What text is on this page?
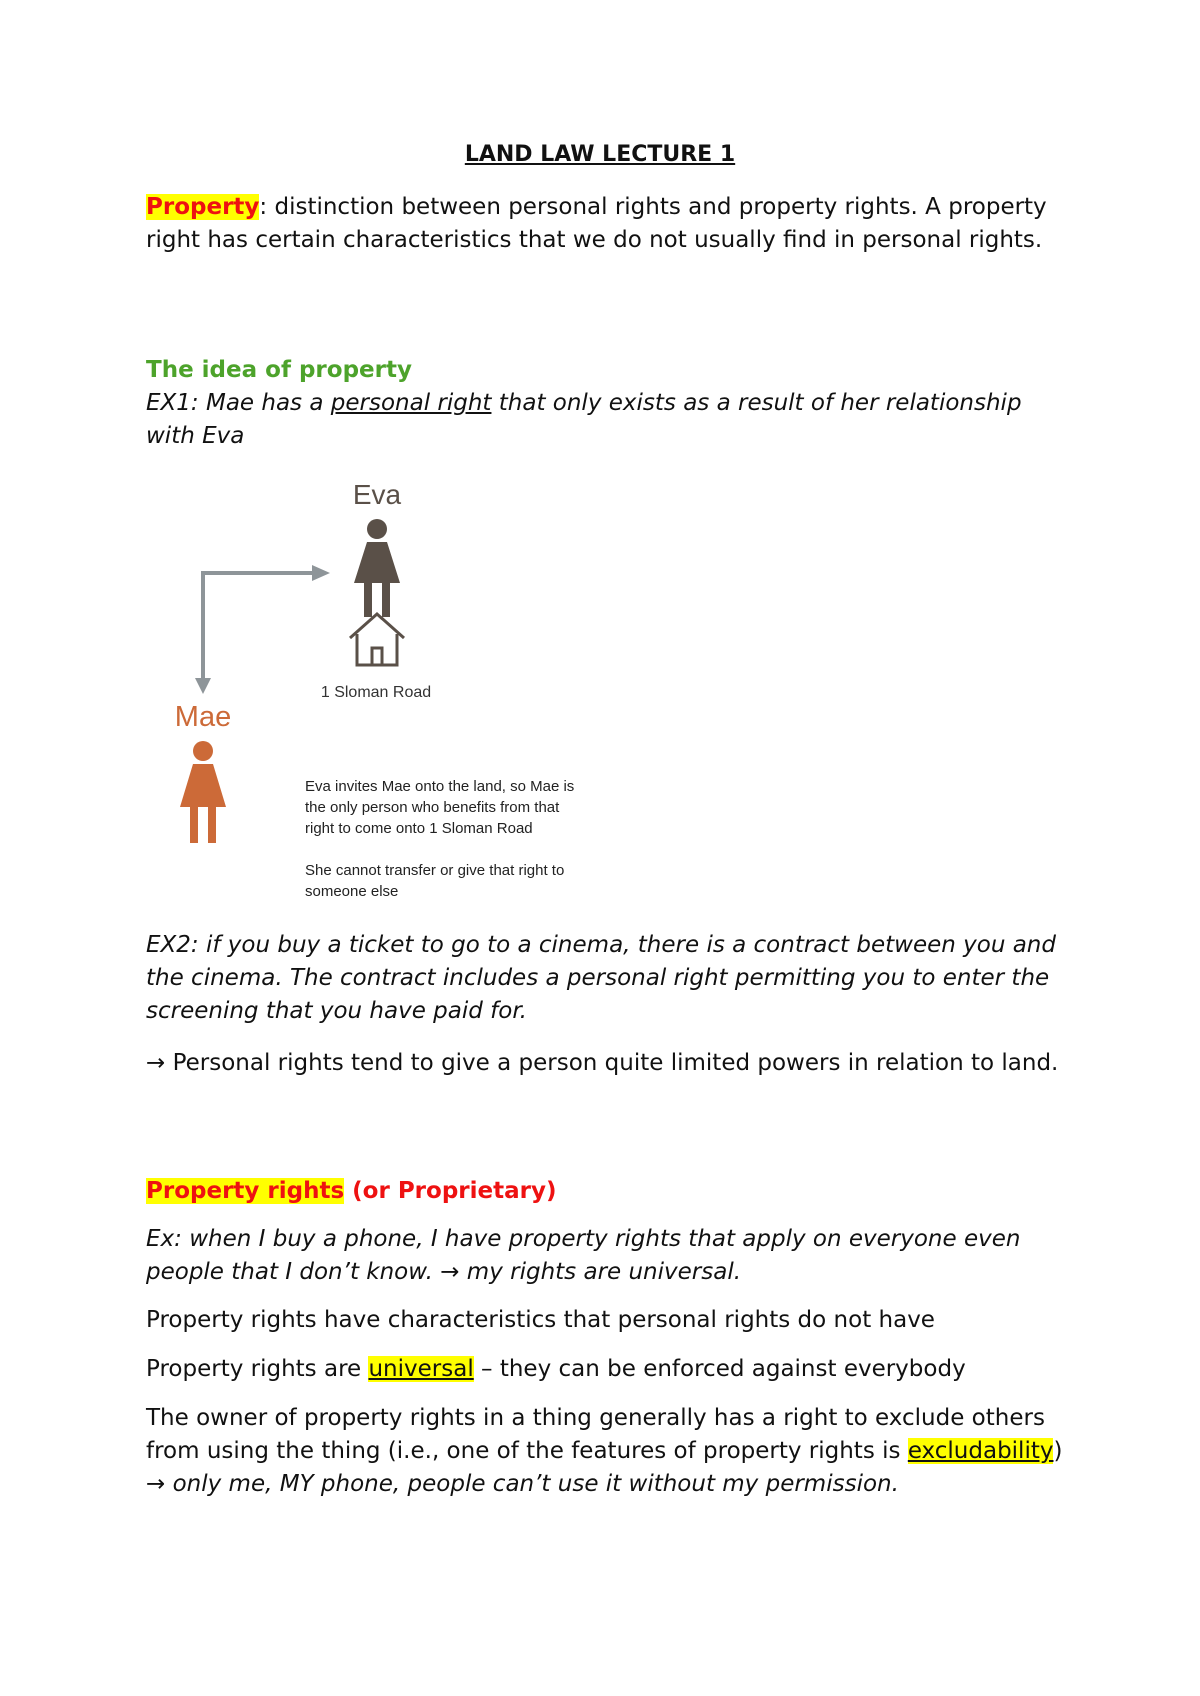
LAND LAW LECTURE 1
Property: distinction between personal rights and property rights. A property right has certain characteristics that we do not usually find in personal rights.
The idea of property
EX1: Mae has a personal right that only exists as a result of her relationship with Eva
Eva
1 Sloman Road
Mae
Eva invites Mae onto the land, so Mae is
the only person who benefits from that
right to come onto 1 Sloman Road
She cannot transfer or give that right to
someone else
EX2: if you buy a ticket to go to a cinema, there is a contract between you and the cinema. The contract includes a personal right permitting you to enter the screening that you have paid for.
→ Personal rights tend to give a person quite limited powers in relation to land.
Property rights (or Proprietary)
Ex: when I buy a phone, I have property rights that apply on everyone even people that I don’t know. → my rights are universal.
Property rights have characteristics that personal rights do not have
Property rights are universal – they can be enforced against everybody
The owner of property rights in a thing generally has a right to exclude others from using the thing (i.e., one of the features of property rights is excludability) → only me, MY phone, people can’t use it without my permission.
